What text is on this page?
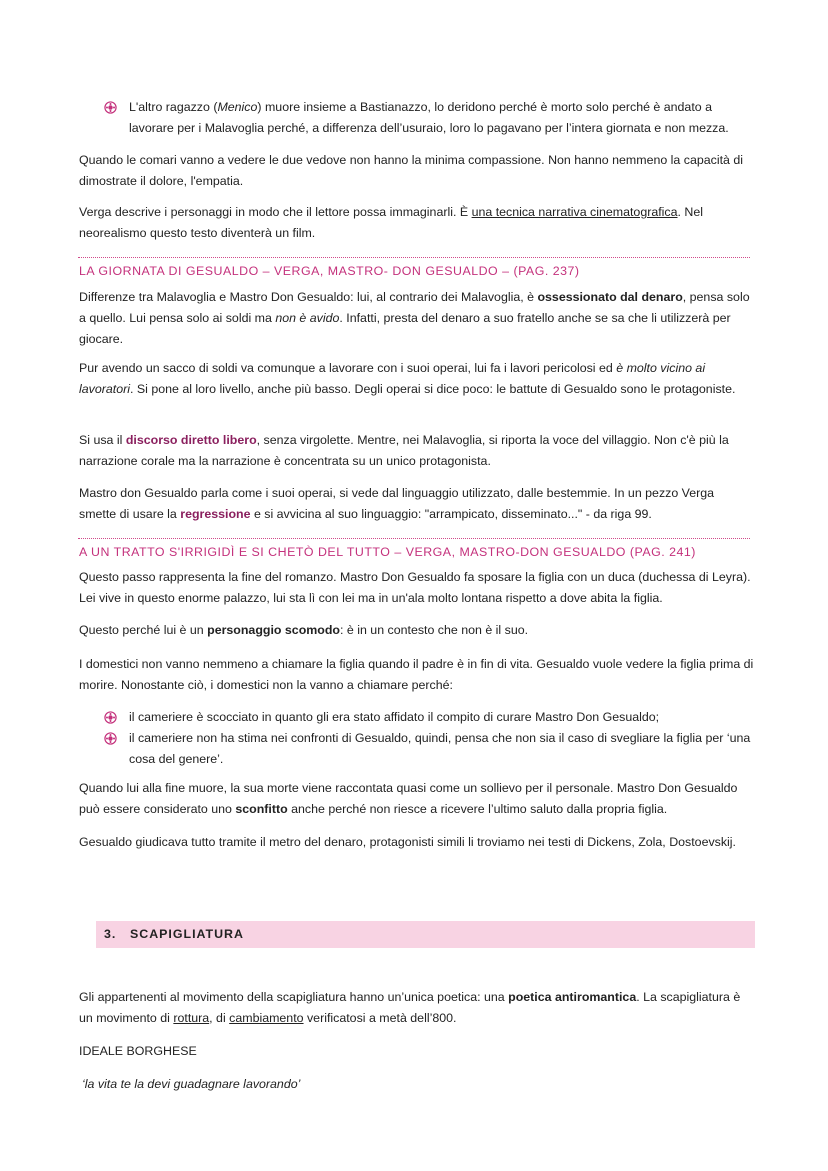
L'altro ragazzo (Menico) muore insieme a Bastianazzo, lo deridono perché è morto solo perché è andato a lavorare per i Malavoglia perché, a differenza dell’usuraio, loro lo pagavano per l’intera giornata e non mezza.

Quando le comari vanno a vedere le due vedove non hanno la minima compassione. Non hanno nemmeno la capacità di dimostrate il dolore, l'empatia.

Verga descrive i personaggi in modo che il lettore possa immaginarli. È una tecnica narrativa cinematografica. Nel neorealismo questo testo diventerà un film.

LA GIORNATA DI GESUALDO – VERGA, MASTRO- DON GESUALDO – (PAG. 237)

Differenze tra Malavoglia e Mastro Don Gesualdo: lui, al contrario dei Malavoglia, è ossessionato dal denaro, pensa solo a quello. Lui pensa solo ai soldi ma non è avido. Infatti, presta del denaro a suo fratello anche se sa che li utilizzerà per giocare.

Pur avendo un sacco di soldi va comunque a lavorare con i suoi operai, lui fa i lavori pericolosi ed è molto vicino ai lavoratori. Si pone al loro livello, anche più basso. Degli operai si dice poco: le battute di Gesualdo sono le protagoniste.

Si usa il discorso diretto libero, senza virgolette. Mentre, nei Malavoglia, si riporta la voce del villaggio. Non c'è più la narrazione corale ma la narrazione è concentrata su un unico protagonista.

Mastro don Gesualdo parla come i suoi operai, si vede dal linguaggio utilizzato, dalle bestemmie. In un pezzo Verga smette di usare la regressione e si avvicina al suo linguaggio: "arrampicato, disseminato..." - da riga 99.

A UN TRATTO S'IRRIGIDÌ E SI CHETÒ DEL TUTTO – VERGA, MASTRO-DON GESUALDO (PAG. 241)

Questo passo rappresenta la fine del romanzo. Mastro Don Gesualdo fa sposare la figlia con un duca (duchessa di Leyra). Lei vive in questo enorme palazzo, lui sta lì con lei ma in un'ala molto lontana rispetto a dove abita la figlia.

Questo perché lui è un personaggio scomodo: è in un contesto che non è il suo.

I domestici non vanno nemmeno a chiamare la figlia quando il padre è in fin di vita. Gesualdo vuole vedere la figlia prima di morire. Nonostante ciò, i domestici non la vanno a chiamare perché:

il cameriere è scocciato in quanto gli era stato affidato il compito di curare Mastro Don Gesualdo;
il cameriere non ha stima nei confronti di Gesualdo, quindi, pensa che non sia il caso di svegliare la figlia per ‘una cosa del genere’.

Quando lui alla fine muore, la sua morte viene raccontata quasi come un sollievo per il personale. Mastro Don Gesualdo può essere considerato uno sconfitto anche perché non riesce a ricevere l’ultimo saluto dalla propria figlia.

Gesualdo giudicava tutto tramite il metro del denaro, protagonisti simili li troviamo nei testi di Dickens, Zola, Dostoevskij.

3. SCAPIGLIATURA

Gli appartenenti al movimento della scapigliatura hanno un’unica poetica: una poetica antiromantica. La scapigliatura è un movimento di rottura, di cambiamento verificatosi a metà dell’800.

IDEALE BORGHESE

‘la vita te la devi guadagnare lavorando’
